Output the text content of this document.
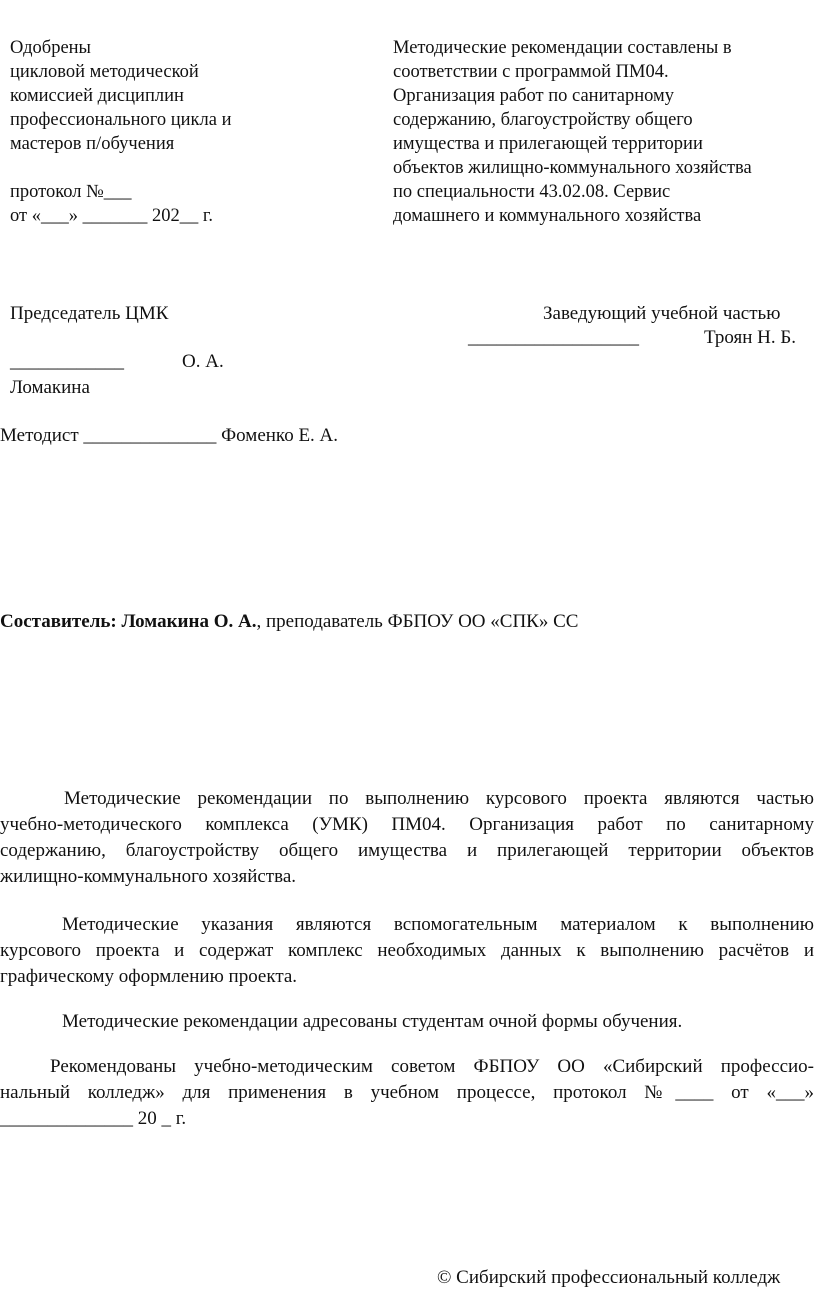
Одобрены
цикловой методической
комиссией дисциплин
профессионального цикла и
мастеров п/обучения
протокол №___
от «___» _______ 202__ г.
Методические рекомендации составлены в
соответствии с программой ПМ04.
Организация работ по санитарному
содержанию, благоустройству общего
имущества и прилегающей территории
объектов жилищно-коммунального хозяйства
по специальности 43.02.08. Сервис
домашнего и коммунального хозяйства
Председатель ЦМК
____________	О. А.
Ломакина
Заведующий учебной частью
__________________	Троян Н. Б.
Методист ______________ Фоменко Е. А.
Составитель: Ломакина О. А., преподаватель ФБПОУ ОО «СПК» СС
Методические рекомендации по выполнению курсового проекта являются частью
учебно-методического комплекса (УМК) ПМ04. Организация работ по санитарному
содержанию, благоустройству общего имущества и прилегающей территории объектов
жилищно-коммунального хозяйства.
Методические указания являются вспомогательным материалом к выполнению
курсового проекта и содержат комплекс необходимых данных к выполнению расчётов и
графическому оформлению проекта.
Методические рекомендации адресованы студентам очной формы обучения.
Рекомендованы учебно-методическим советом ФБПОУ ОО «Сибирский профессио-
нальный колледж» для применения в учебном процессе, протокол №____ от «___»
______________ 20 _ г.
© Сибирский профессиональный колледж
